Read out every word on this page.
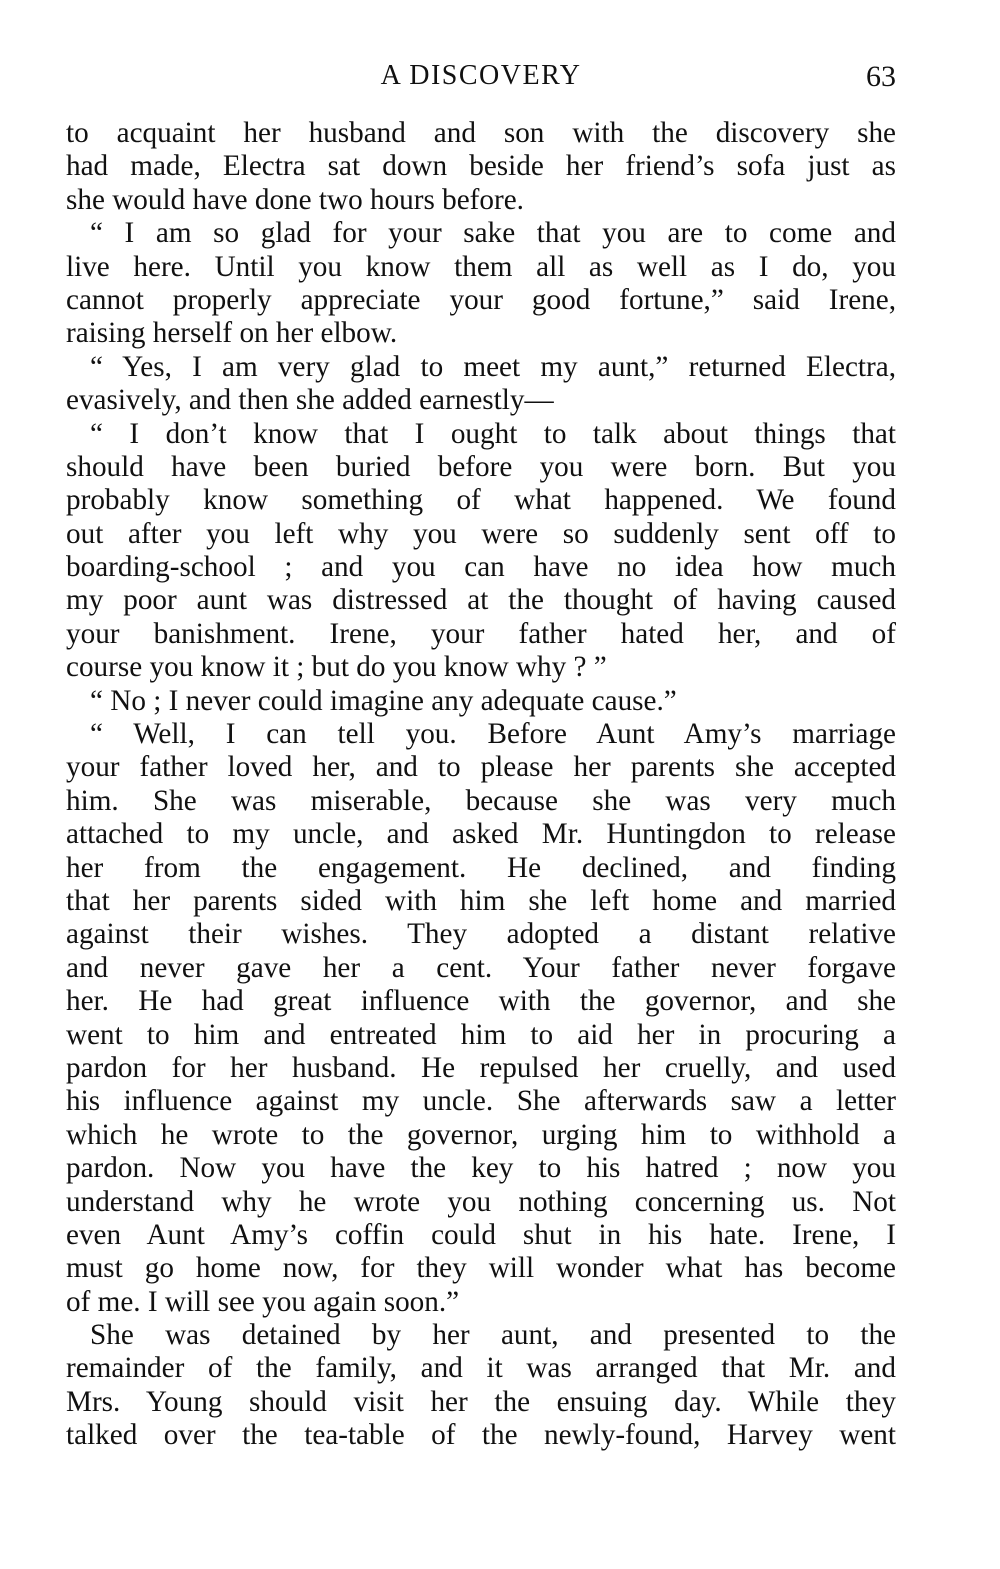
A DISCOVERY	63
to acquaint her husband and son with the discovery she
had made, Electra sat down beside her friend’s sofa just as
she would have done two hours before.
“ I am so glad for your sake that you are to come and
live here. Until you know them all as well as I do, you
cannot properly appreciate your good fortune,” said Irene,
raising herself on her elbow.
“ Yes, I am very glad to meet my aunt,” returned Electra,
evasively, and then she added earnestly—
“ I don’t know that I ought to talk about things that
should have been buried before you were born. But you
probably know something of what happened. We found
out after you left why you were so suddenly sent off to
boarding-school ; and you can have no idea how much
my poor aunt was distressed at the thought of having caused
your banishment. Irene, your father hated her, and of
course you know it ; but do you know why ? ”
“ No ; I never could imagine any adequate cause.”
“ Well, I can tell you. Before Aunt Amy’s marriage
your father loved her, and to please her parents she accepted
him. She was miserable, because she was very much
attached to my uncle, and asked Mr. Huntingdon to release
her from the engagement. He declined, and finding
that her parents sided with him she left home and married
against their wishes. They adopted a distant relative
and never gave her a cent. Your father never forgave
her. He had great influence with the governor, and she
went to him and entreated him to aid her in procuring a
pardon for her husband. He repulsed her cruelly, and used
his influence against my uncle. She afterwards saw a letter
which he wrote to the governor, urging him to withhold a
pardon. Now you have the key to his hatred ; now you
understand why he wrote you nothing concerning us. Not
even Aunt Amy’s coffin could shut in his hate. Irene, I
must go home now, for they will wonder what has become
of me. I will see you again soon.”
She was detained by her aunt, and presented to the
remainder of the family, and it was arranged that Mr. and
Mrs. Young should visit her the ensuing day. While they
talked over the tea-table of the newly-found, Harvey went
